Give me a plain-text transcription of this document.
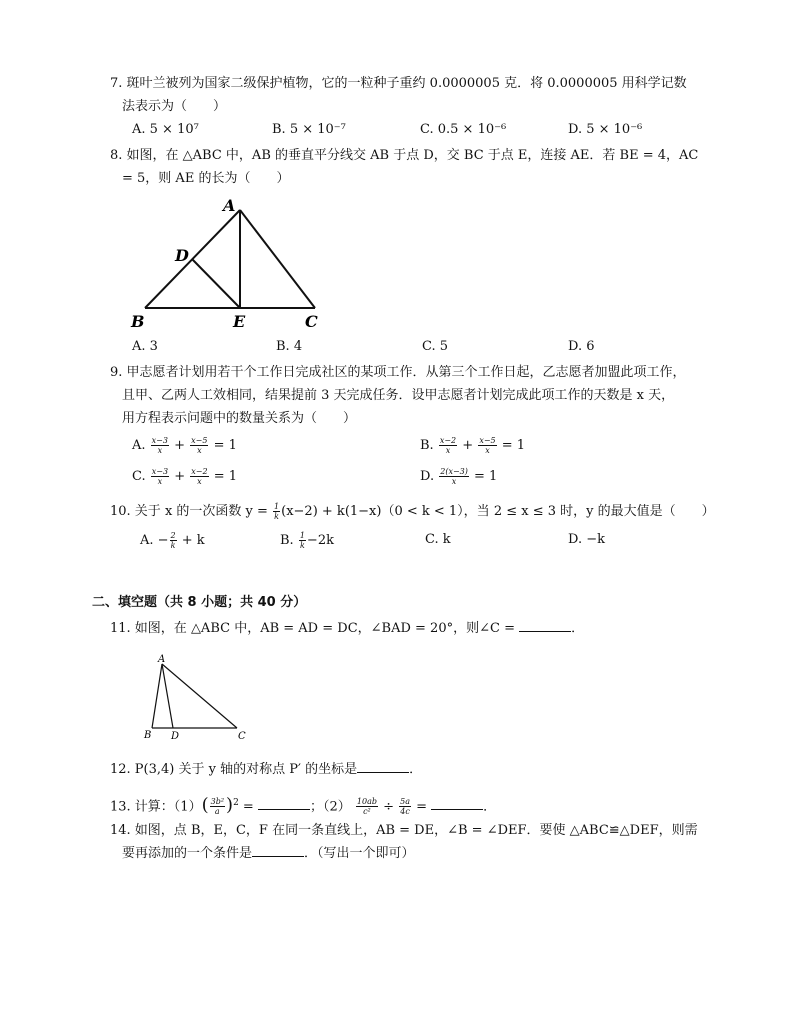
7. 斑叶兰被列为国家二级保护植物，它的一粒种子重约 0.0000005 克．将 0.0000005 用科学记数
法表示为（　　）
A. 5 × 10⁷	B. 5 × 10⁻⁷	C. 0.5 × 10⁻⁶	D. 5 × 10⁻⁶
8. 如图，在 △ABC 中，AB 的垂直平分线交 AB 于点 D，交 BC 于点 E，连接 AE．若 BE = 4，AC
= 5，则 AE 的长为（　　）
A
D
B	E	C
A. 3	B. 4	C. 5	D. 6
9. 甲志愿者计划用若干个工作日完成社区的某项工作．从第三个工作日起，乙志愿者加盟此项工作，
且甲、乙两人工效相同，结果提前 3 天完成任务．设甲志愿者计划完成此项工作的天数是 x 天，
用方程表示问题中的数量关系为（　　）
A. $\frac{x-3}{x} + \frac{x-5}{x} = 1$	B. $\frac{x-2}{x} + \frac{x-5}{x} = 1$
C. $\frac{x-3}{x} + \frac{x-2}{x} = 1$	D. $\frac{2(x-3)}{x} = 1$
10. 关于 x 的一次函数 $y = \frac{1}{k} (x-2) + k(1-x)(0 < k < 1)$，当 2 ≤ x ≤ 3 时，y 的最大值是（　　）
A. − $\frac{2}{k} + k$	B. $\frac{1}{k} -2k$	C. k	D. −k
二、填空题（共 8 小题；共 40 分）
11. 如图，在 △ABC 中，AB = AD = DC，∠BAD = 20°，则∠C =	．
A
B D	C
12. P(3,4) 关于 y 轴的对称点 P′ 的坐标是	．
13. 计算：$(1)( \frac{\text{3b²}}{a} )^2$ =	；$(2) \frac{10ab}{\text{c²}} \div \frac{5a}{4c}$ =	．
14. 如图，点 B，E，C，F 在同一条直线上，AB = DE，∠B = ∠DEF．要使 △ABC≌△DEF，则需
要再添加的一个条件是	．（写出一个即可）
